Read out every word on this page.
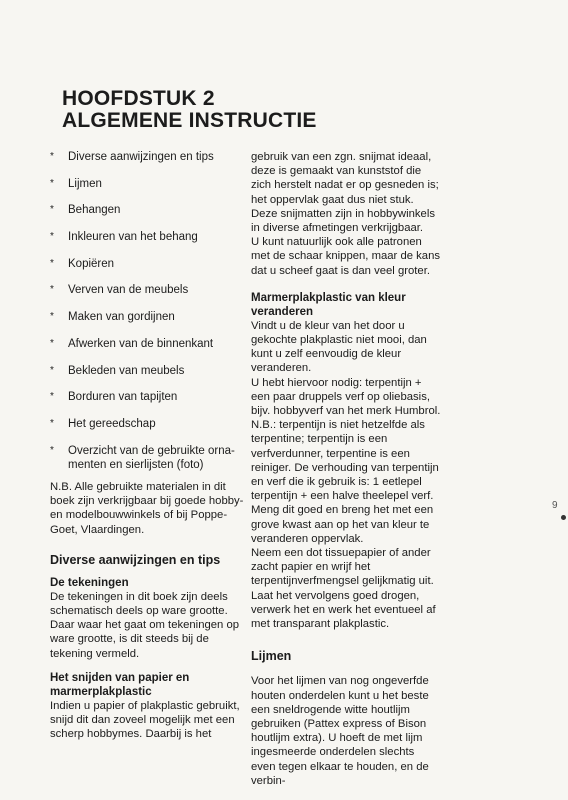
HOOFDSTUK 2
ALGEMENE INSTRUCTIE
* Diverse aanwijzingen en tips
* Lijmen
* Behangen
* Inkleuren van het behang
* Kopiëren
* Verven van de meubels
* Maken van gordijnen
* Afwerken van de binnenkant
* Bekleden van meubels
* Borduren van tapijten
* Het gereedschap
* Overzicht van de gebruikte orna-
menten en sierlijsten (foto)

N.B. Alle gebruikte materialen in dit boek zijn verkrijgbaar bij goede hobby- en modelbouwwinkels of bij Poppe-Goet, Vlaardingen.

Diverse aanwijzingen en tips

De tekeningen

De tekeningen in dit boek zijn deels schematisch deels op ware grootte. Daar waar het gaat om tekeningen op ware grootte, is dit steeds bij de tekening vermeld.

Het snijden van papier en marmerplakplastic

Indien u papier of plakplastic gebruikt, snijd dit dan zoveel mogelijk met een scherp hobbymes. Daarbij is het

gebruik van een zgn. snijmat ideaal, deze is gemaakt van kunststof die zich herstelt nadat er op gesneden is; het oppervlak gaat dus niet stuk. Deze snijmatten zijn in hobbywinkels in diverse afmetingen verkrijgbaar.

U kunt natuurlijk ook alle patronen met de schaar knippen, maar de kans dat u scheef gaat is dan veel groter.

Marmerplakplastic van kleur veranderen

Vindt u de kleur van het door u gekochte plakplastic niet mooi, dan kunt u zelf eenvoudig de kleur veranderen.

U hebt hiervoor nodig: terpentijn + een paar druppels verf op oliebasis, bijv. hobbyverf van het merk Humbrol. N.B.: terpentijn is niet hetzelfde als terpentine; terpentijn is een verfverdunner, terpentine is een reiniger. De verhouding van terpentijn en verf die ik gebruik is: 1 eetlepel terpentijn + een halve theelepel verf.

Meng dit goed en breng het met een grove kwast aan op het van kleur te veranderen oppervlak.

Neem een dot tissuepapier of ander zacht papier en wrijf het terpentijnverfmengsel gelijkmatig uit.

Laat het vervolgens goed drogen, verwerk het en werk het eventueel af met transparant plakplastic.

Lijmen

Voor het lijmen van nog ongeverfde houten onderdelen kunt u het beste een sneldrogende witte houtlijm gebruiken (Pattex express of Bison houtlijm extra). U hoeft de met lijm ingesmeerde onderdelen slechts even tegen elkaar te houden, en de verbin-

9
